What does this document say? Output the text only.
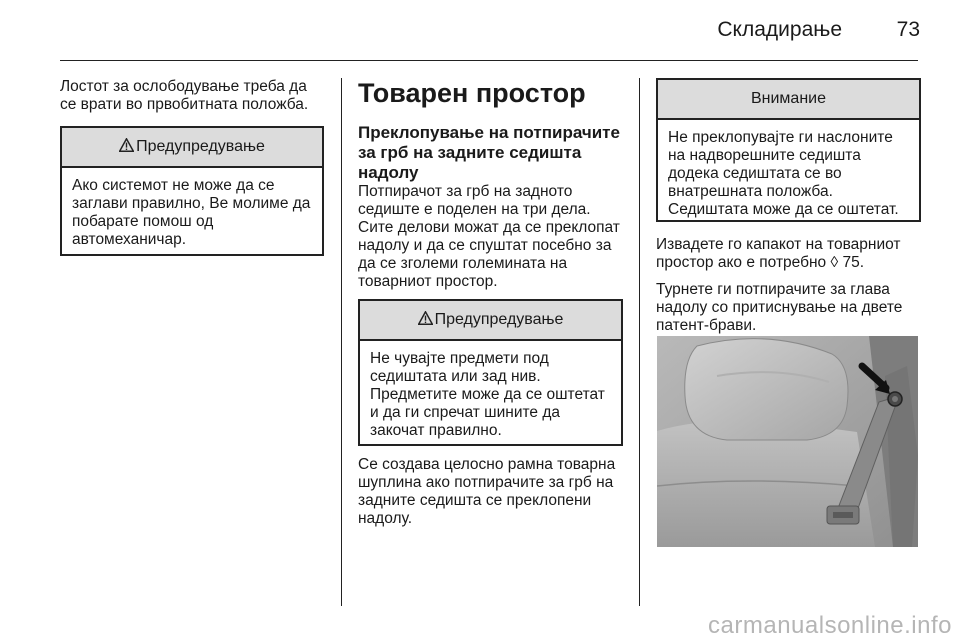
Складирање	73

Лостот за ослободување треба да се врати во првобитната положба.

Предупредување
Ако системот не може да се заглави правилно, Ве молиме да побарате помош од автомеханичар.
Товарен простор
Преклопување на потпирачите за грб на задните седишта надолу

Потпирачот за грб на задното седиште е поделен на три дела. Сите делови можат да се преклопат надолу и да се спуштат посебно за да се зголеми големината на товарниот простор.

Предупредување
Не чувајте предмети под седиштата или зад нив. Предметите може да се оштетат и да ги спречат шините да закочат правилно.

Се создава целосно рамна товарна шуплина ако потпирачите за грб на задните седишта се преклопени надолу.

Внимание
Не преклопувајте ги наслоните на надворешните седишта додека седиштата се во внатрешната положба. Седиштата може да се оштетат.

Извадете го капакот на товарниот простор ако е потребно ◊ 75.

Турнете ги потпирачите за глава надолу со притиснување на двете патент-брави.

carmanualsonline.info
